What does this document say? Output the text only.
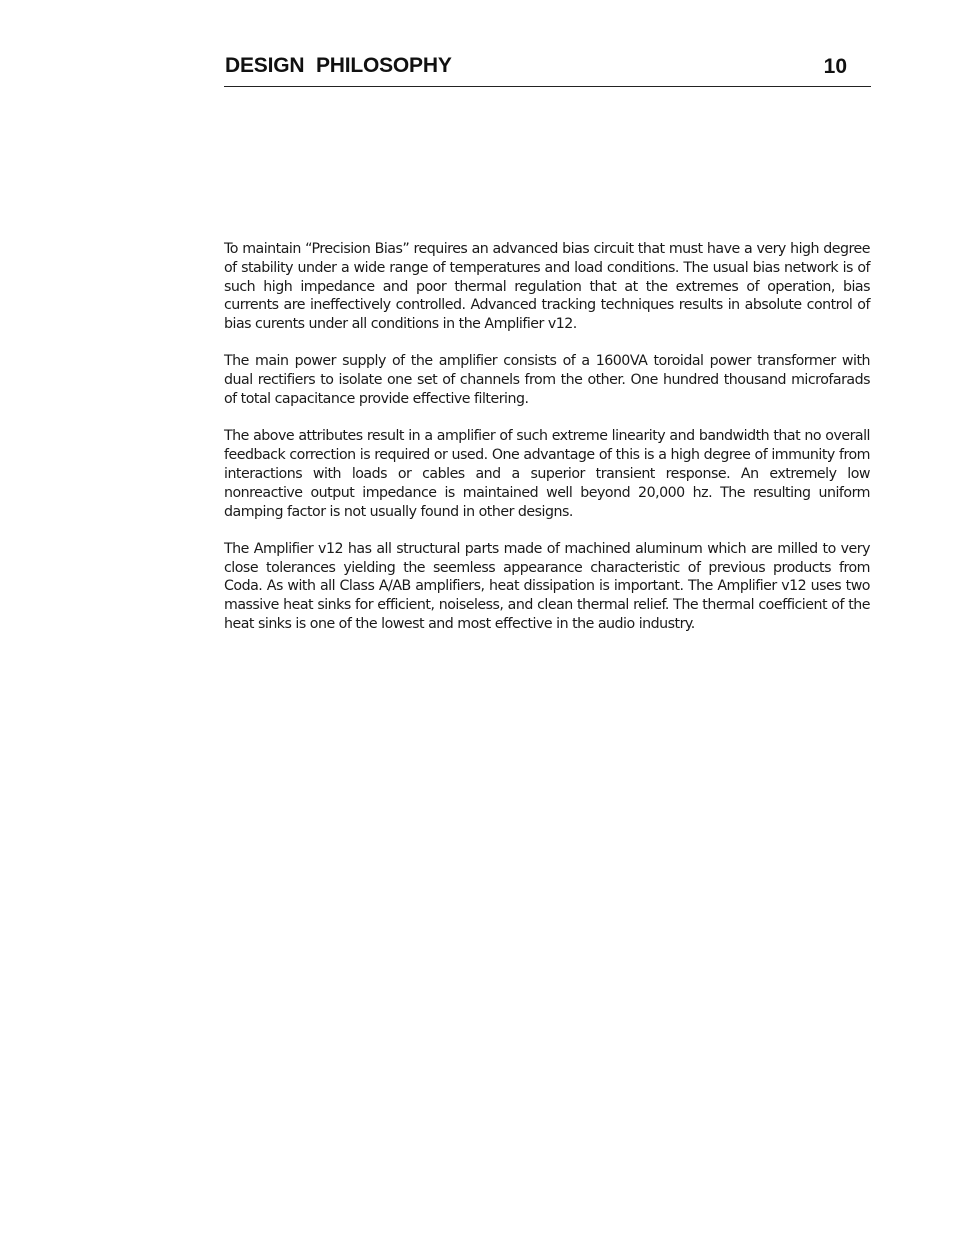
DESIGN PHILOSOPHY	10

To maintain “Precision Bias” requires an advanced bias circuit that must have a very high degree of stability under a wide range of temperatures and load conditions. The usual bias network is of such high impedance and poor thermal regulation that at the extremes of operation, bias currents are ineffectively controlled. Advanced tracking techniques results in absolute control of bias curents under all conditions in the Amplifier v12.

The main power supply of the amplifier consists of a 1600VA toroidal power transformer with dual rectifiers to isolate one set of channels from the other. One hundred thousand microfarads of total capacitance provide effective filtering.

The above attributes result in a amplifier of such extreme linearity and bandwidth that no overall feedback correction is required or used. One advantage of this is a high degree of immunity from interactions with loads or cables and a superior transient response. An extremely low nonreactive output impedance is maintained well beyond 20,000 hz. The resulting uniform damping factor is not usually found in other designs.

The Amplifier v12 has all structural parts made of machined aluminum which are milled to very close tolerances yielding the seemless appearance characteristic of previous products from Coda. As with all Class A/AB amplifiers, heat dissipation is important. The Amplifier v12 uses two massive heat sinks for efficient, noiseless, and clean thermal relief. The thermal coefficient of the heat sinks is one of the lowest and most effective in the audio industry.
